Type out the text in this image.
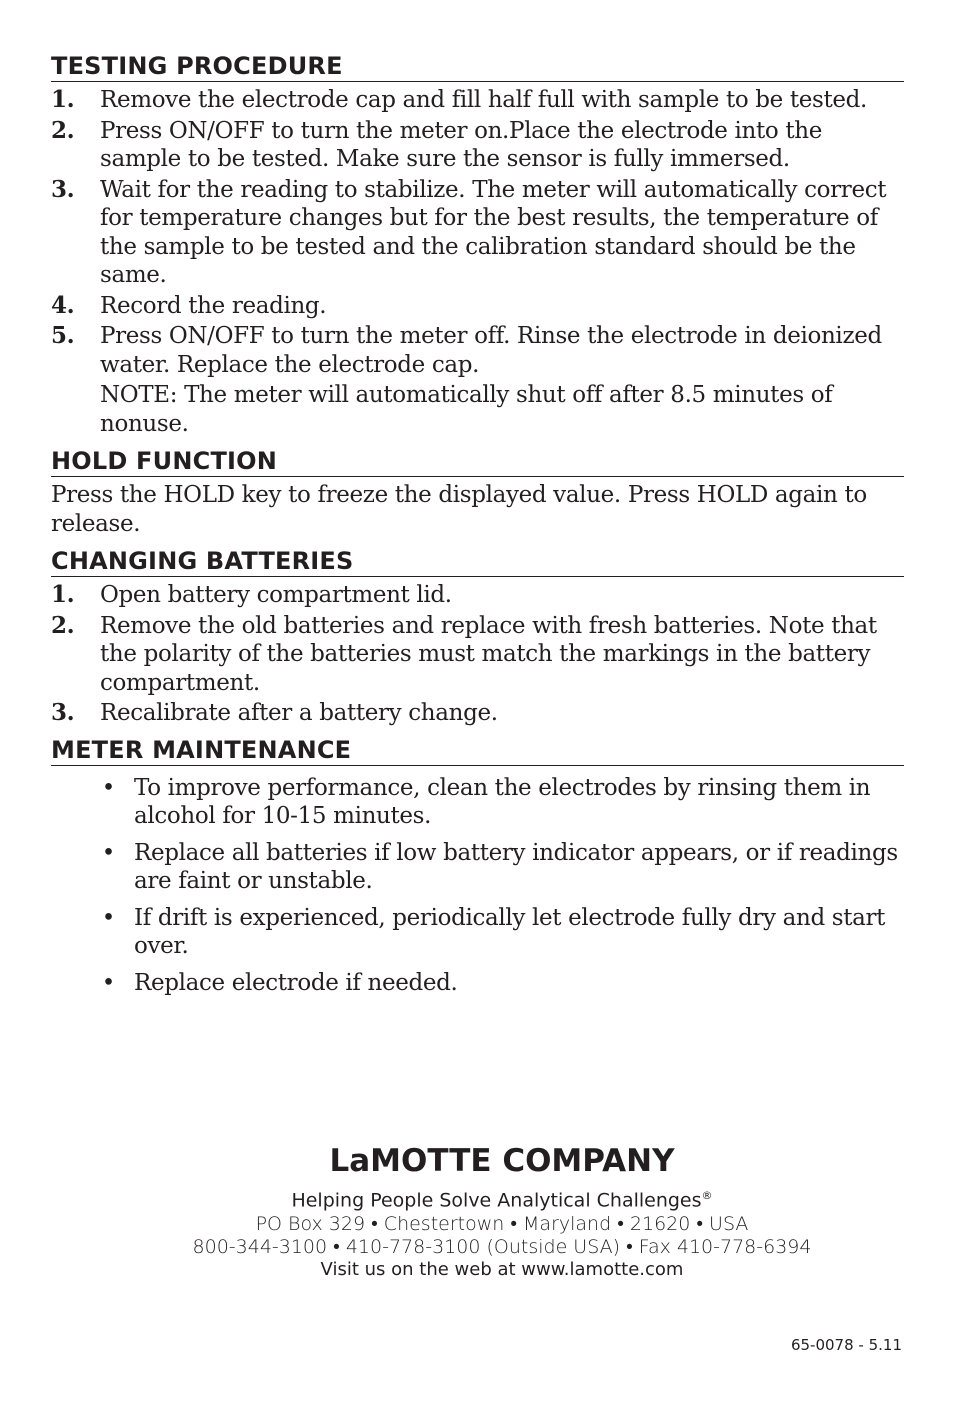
TESTING PROCEDURE
1.	Remove the electrode cap and fill half full with sample to be tested.
2.	Press ON/OFF to turn the meter on.Place the electrode into the sample to be tested. Make sure the sensor is fully immersed.
3.	Wait for the reading to stabilize. The meter will automatically correct for temperature changes but for the best results, the temperature of the sample to be tested and the calibration standard should be the same.
4.	Record the reading.
5.	Press ON/OFF to turn the meter off. Rinse the electrode in deionized water. Replace the electrode cap.
NOTE: The meter will automatically shut off after 8.5 minutes of nonuse.
HOLD FUNCTION
Press the HOLD key to freeze the displayed value. Press HOLD again to release.
CHANGING BATTERIES
1.	Open battery compartment lid.
2.	Remove the old batteries and replace with fresh batteries. Note that the polarity of the batteries must match the markings in the battery compartment.
3.	Recalibrate after a battery change.
METER MAINTENANCE
• To improve performance, clean the electrodes by rinsing them in alcohol for 10-15 minutes.
• Replace all batteries if low battery indicator appears, or if readings are faint or unstable.
• If drift is experienced, periodically let electrode fully dry and start over.
• Replace electrode if needed.
LaMOTTE COMPANY
Helping People Solve Analytical Challenges®
PO Box 329 • Chestertown • Maryland • 21620 • USA
800-344-3100 • 410-778-3100 (Outside USA) • Fax 410-778-6394
Visit us on the web at www.lamotte.com
65-0078 - 5.11
